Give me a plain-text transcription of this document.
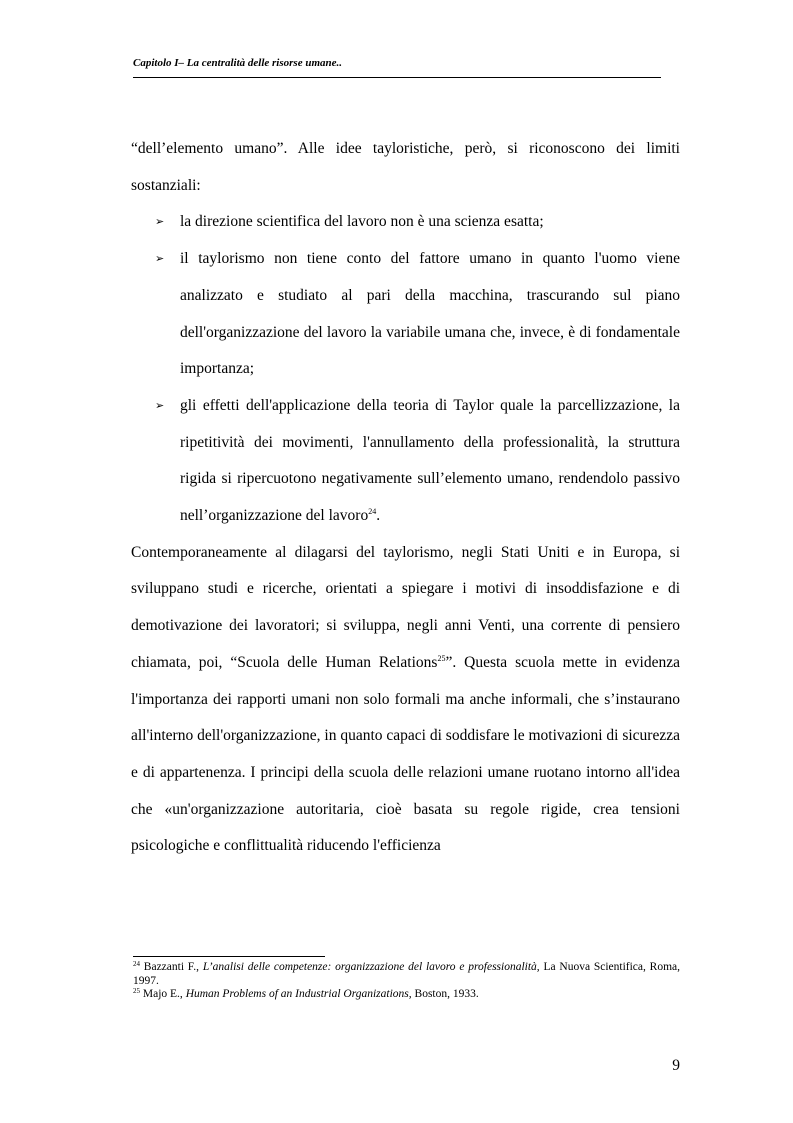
Capitolo I– La centralità delle risorse umane..

“dell’elemento umano”. Alle idee tayloristiche, però, si riconoscono dei limiti sostanziali:

➢ la direzione scientifica del lavoro non è una scienza esatta;
➢ il taylorismo non tiene conto del fattore umano in quanto l'uomo viene analizzato e studiato al pari della macchina, trascurando sul piano dell'organizzazione del lavoro la variabile umana che, invece, è di fondamentale importanza;
➢ gli effetti dell'applicazione della teoria di Taylor quale la parcellizzazione, la ripetitività dei movimenti, l'annullamento della professionalità, la struttura rigida si ripercuotono negativamente sull’elemento umano, rendendolo passivo nell’organizzazione del lavoro$^{24}$.

Contemporaneamente al dilagarsi del taylorismo, negli Stati Uniti e in Europa, si sviluppano studi e ricerche, orientati a spiegare i motivi di insoddisfazione e di demotivazione dei lavoratori; si sviluppa, negli anni Venti, una corrente di pensiero chiamata, poi, “Scuola delle Human Relations$^{25}$”. Questa scuola mette in evidenza l'importanza dei rapporti umani non solo formali ma anche informali, che s’instaurano all'interno dell'organizzazione, in quanto capaci di soddisfare le motivazioni di sicurezza e di appartenenza. I principi della scuola delle relazioni umane ruotano intorno all'idea che «un'organizzazione autoritaria, cioè basata su regole rigide, crea tensioni psicologiche e conflittualità riducendo l'efficienza

$^{24}$ Bazzanti F., L’analisi delle competenze: organizzazione del lavoro e professionalità, La Nuova Scientifica, Roma, 1997.

$^{25}$ Majo E., Human Problems of an Industrial Organizations, Boston, 1933.

9
